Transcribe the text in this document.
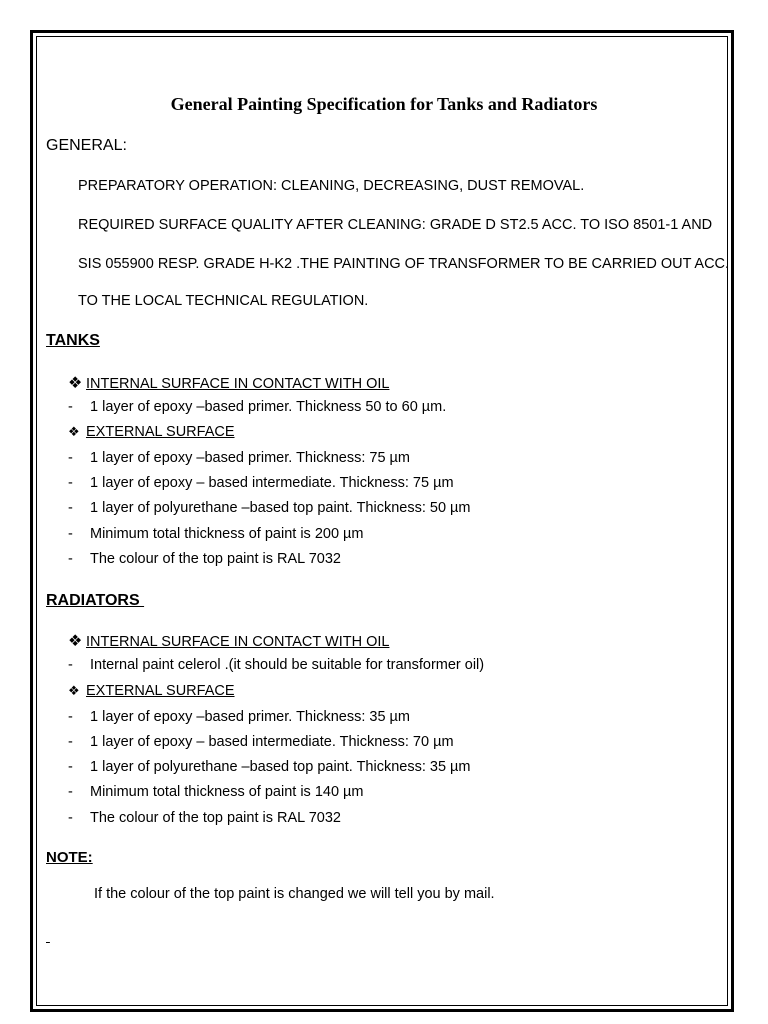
General Painting Specification for Tanks and Radiators
GENERAL:
PREPARATORY OPERATION: CLEANING, DECREASING, DUST REMOVAL.
REQUIRED SURFACE QUALITY AFTER CLEANING: GRADE D ST2.5 ACC. TO ISO 8501-1 AND
SIS 055900 RESP. GRADE H-K2 .THE PAINTING OF TRANSFORMER TO BE CARRIED OUT ACC.
TO THE LOCAL TECHNICAL REGULATION.
TANKS
❖ INTERNAL SURFACE IN CONTACT WITH OIL
- 1 layer of epoxy –based primer. Thickness 50 to 60 µm.
❖ EXTERNAL SURFACE
- 1 layer of epoxy –based primer. Thickness: 75 µm
- 1 layer of epoxy – based intermediate. Thickness: 75 µm
- 1 layer of polyurethane –based top paint. Thickness: 50 µm
- Minimum total thickness of paint is 200 µm
- The colour of the top paint is RAL 7032
RADIATORS
❖ INTERNAL SURFACE IN CONTACT WITH OIL
- Internal paint celerol .(it should be suitable for transformer oil)
❖ EXTERNAL SURFACE
- 1 layer of epoxy –based primer. Thickness: 35 µm
- 1 layer of epoxy – based intermediate. Thickness: 70 µm
- 1 layer of polyurethane –based top paint. Thickness: 35 µm
- Minimum total thickness of paint is 140 µm
- The colour of the top paint is RAL 7032
NOTE:
If the colour of the top paint is changed we will tell you by mail.
